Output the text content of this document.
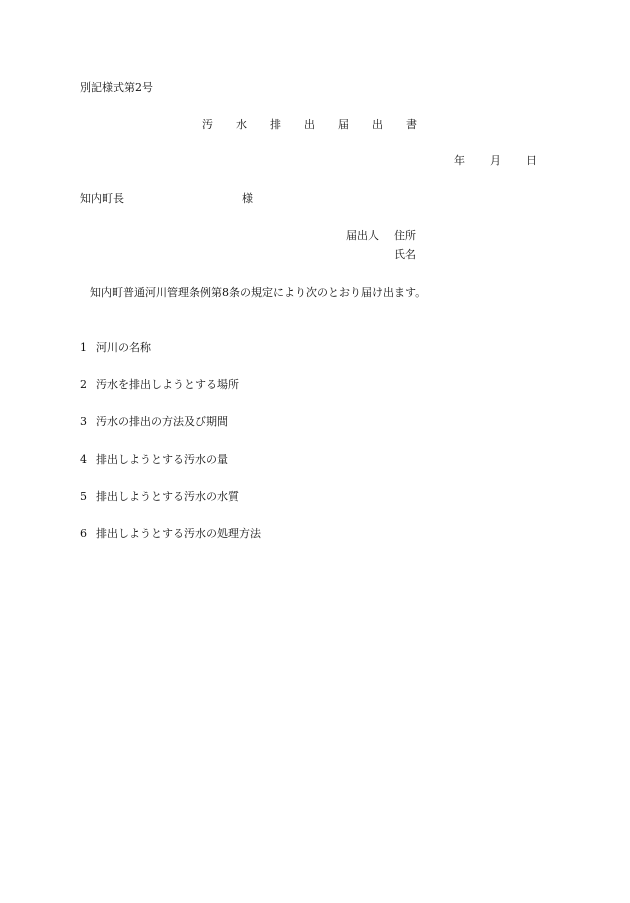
別記様式第2号
汚	水	排	出	届	出	書
年	月	日
知内町長	様
届出人 住所
氏名
知内町普通河川管理条例第8条の規定により次のとおり届け出ます。
1 河川の名称
2 汚水を排出しようとする場所
3 汚水の排出の方法及び期間
4 排出しようとする汚水の量
5 排出しようとする汚水の水質
6 排出しようとする汚水の処理方法
